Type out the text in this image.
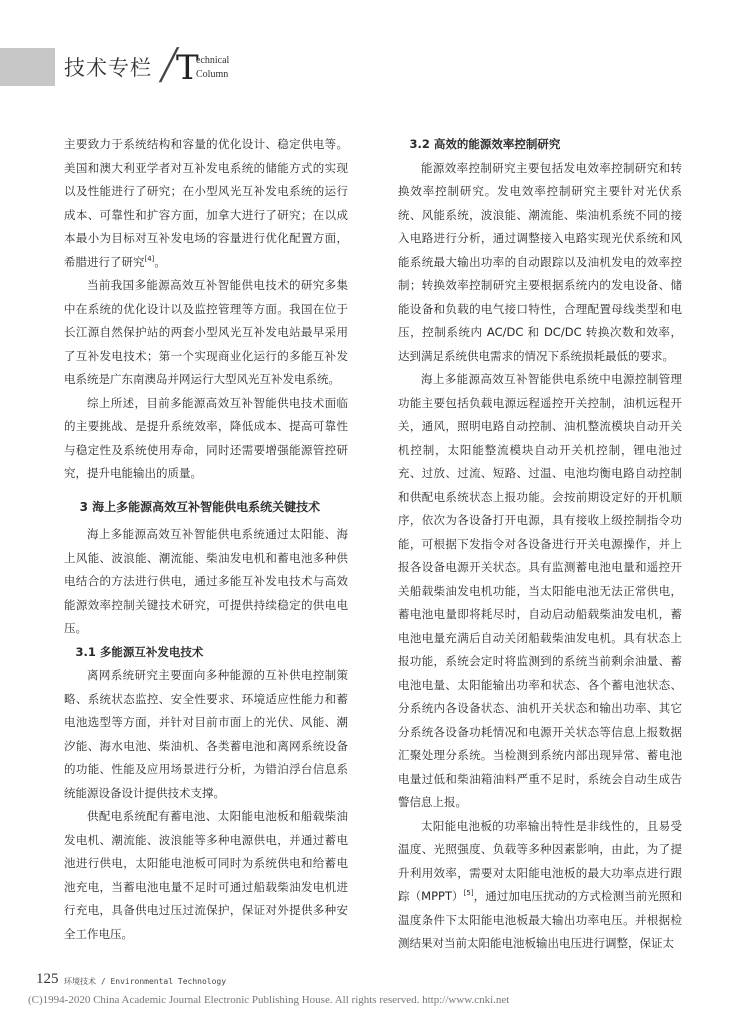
技术专栏 ╱
T
echnical
Column

主要致力于系统结构和容量的优化设计、稳定供电等。美国和澳大利亚学者对互补发电系统的储能方式的实现以及性能进行了研究；在小型风光互补发电系统的运行成本、可靠性和扩容方面，加拿大进行了研究；在以成本最小为目标对互补发电场的容量进行优化配置方面，希腊进行了研究[4]。

当前我国多能源高效互补智能供电技术的研究多集中在系统的优化设计以及监控管理等方面。我国在位于长江源自然保护站的两套小型风光互补发电站最早采用了互补发电技术；第一个实现商业化运行的多能互补发电系统是广东南澳岛并网运行大型风光互补发电系统。

综上所述，目前多能源高效互补智能供电技术面临的主要挑战、是提升系统效率，降低成本、提高可靠性与稳定性及系统使用寿命，同时还需要增强能源管控研究，提升电能输出的质量。

3 海上多能源高效互补智能供电系统关键技术

海上多能源高效互补智能供电系统通过太阳能、海上风能、波浪能、潮流能、柴油发电机和蓄电池多种供电结合的方法进行供电，通过多能互补发电技术与高效能源效率控制关键技术研究，可提供持续稳定的供电电压。

3.1 多能源互补发电技术

离网系统研究主要面向多种能源的互补供电控制策略、系统状态监控、安全性要求、环境适应性能力和蓄电池选型等方面，并针对目前市面上的光伏、风能、潮汐能、海水电池、柴油机、各类蓄电池和离网系统设备的功能、性能及应用场景进行分析，为错泊浮台信息系统能源设备设计提供技术支撑。

供配电系统配有蓄电池、太阳能电池板和船载柴油发电机、潮流能、波浪能等多种电源供电，并通过蓄电池进行供电，太阳能电池板可同时为系统供电和给蓄电池充电，当蓄电池电量不足时可通过船载柴油发电机进行充电，具备供电过压过流保护，保证对外提供多种安全工作电压。

3.2 高效的能源效率控制研究

能源效率控制研究主要包括发电效率控制研究和转换效率控制研究。发电效率控制研究主要针对光伏系统、风能系统，波浪能、潮流能、柴油机系统不同的接入电路进行分析，通过调整接入电路实现光伏系统和风能系统最大输出功率的自动跟踪以及油机发电的效率控制；转换效率控制研究主要根据系统内的发电设备、储能设备和负载的电气接口特性，合理配置母线类型和电压，控制系统内 AC/DC 和 DC/DC 转换次数和效率，达到满足系统供电需求的情况下系统损耗最低的要求。

海上多能源高效互补智能供电系统中电源控制管理功能主要包括负载电源远程遥控开关控制，油机远程开关，通风，照明电路自动控制、油机整流模块自动开关机控制，太阳能整流模块自动开关机控制，锂电池过充、过放、过流、短路、过温、电池均衡电路自动控制和供配电系统状态上报功能。会按前期设定好的开机顺序，依次为各设备打开电源，具有接收上级控制指令功能，可根据下发指令对各设备进行开关电源操作，并上报各设备电源开关状态。具有监测蓄电池电量和遥控开关船载柴油发电机功能，当太阳能电池无法正常供电，蓄电池电量即将耗尽时，自动启动船载柴油发电机，蓄电池电量充满后自动关闭船载柴油发电机。具有状态上报功能，系统会定时将监测到的系统当前剩余油量、蓄电池电量、太阳能输出功率和状态、各个蓄电池状态、分系统内各设备状态、油机开关状态和输出功率、其它分系统各设备功耗情况和电源开关状态等信息上报数据汇聚处理分系统。当检测到系统内部出现异常、蓄电池电量过低和柴油箱油料严重不足时，系统会自动生成告警信息上报。

太阳能电池板的功率输出特性是非线性的，且易受温度、光照强度、负载等多种因素影响，由此，为了提升利用效率，需要对太阳能电池板的最大功率点进行跟踪（MPPT）[5]，通过加电压扰动的方式检测当前光照和温度条件下太阳能电池板最大输出功率电压。并根据检测结果对当前太阳能电池板输出电压进行调整，保证太

125 环境技术 / Environmental Technology
(C)1994-2020 China Academic Journal Electronic Publishing House. All rights reserved. http://www.cnki.net
